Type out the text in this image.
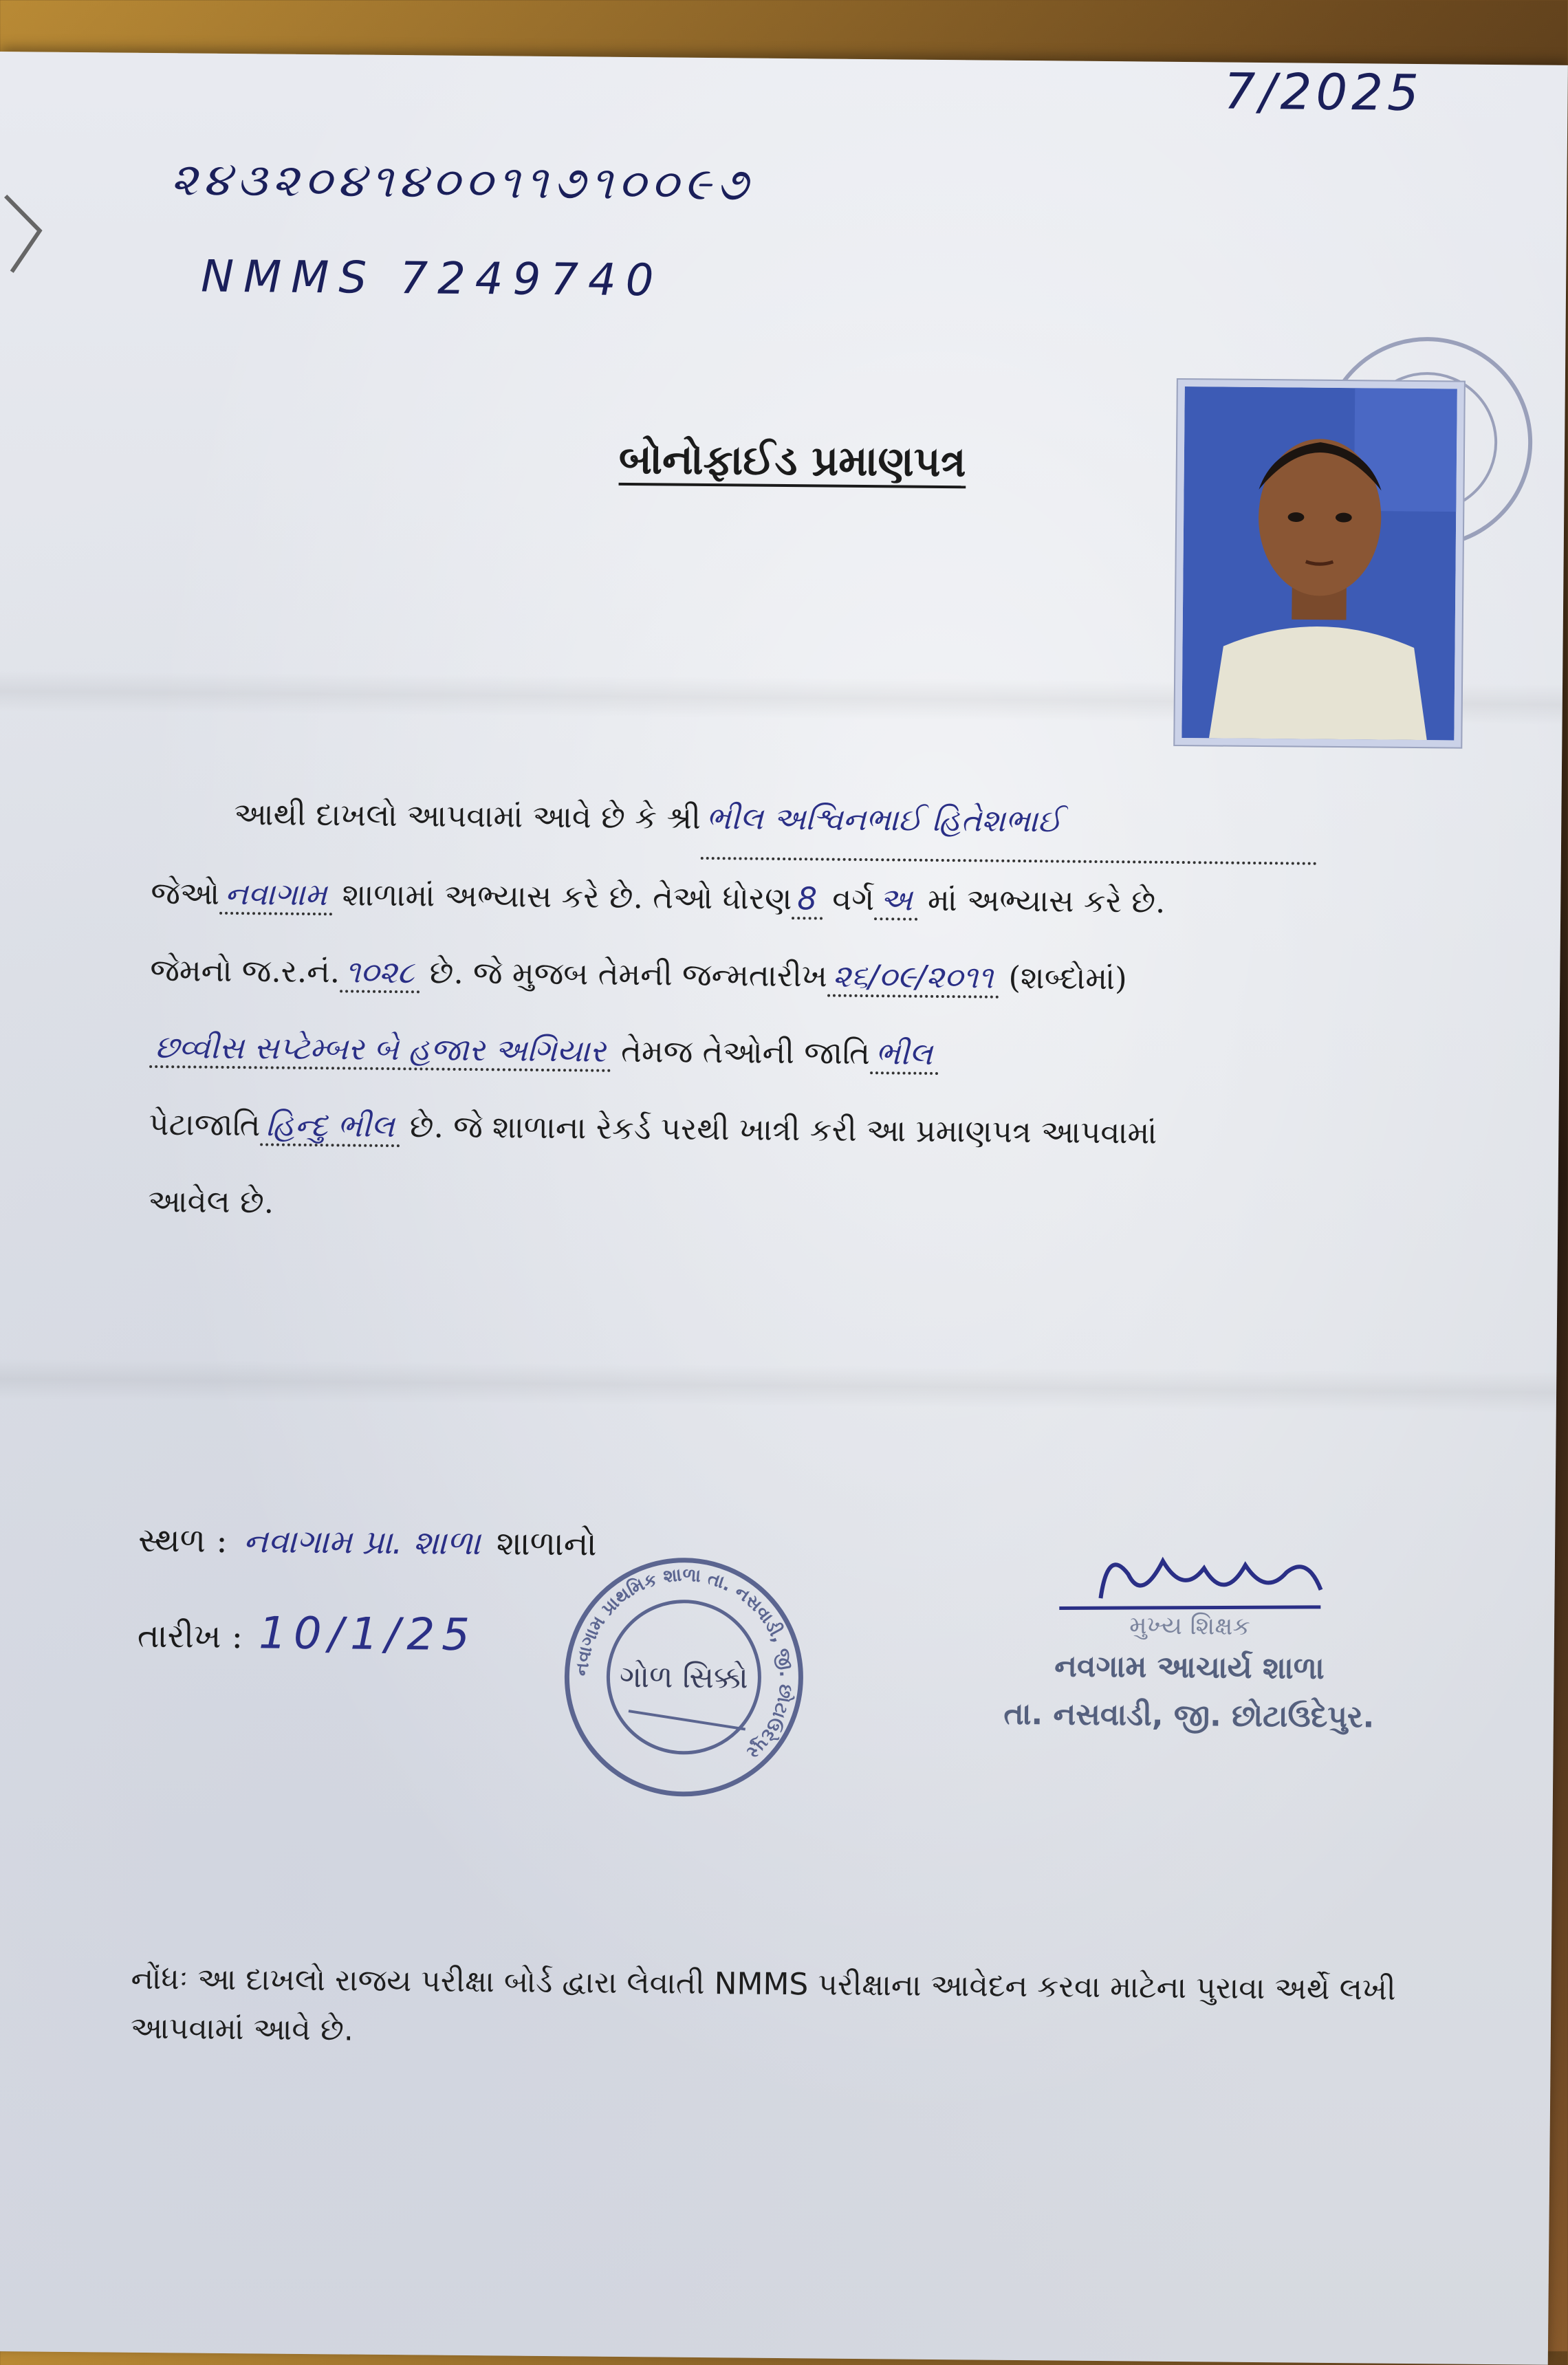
7/2025
૨૪૩૨૦૪૧૪૦૦૧૧૭૧૦૦૯૭
NMMS 7249740
બોનોફાઈડ પ્રમાણપત્ર
આથી દાખલો આપવામાં આવે છે કે શ્રી ભીલ અશ્વિનભાઈ હિતેશભાઈ
જેઓ નવાગામ શાળામાં અભ્યાસ કરે છે. તેઓ ધોરણ 8 વર્ગ અ માં અભ્યાસ કરે છે.
જેમનો જ.ર.નં. ૧૦૨૮ છે. જે મુજબ તેમની જન્મતારીખ ૨૬/૦૯/૨૦૧૧ (શબ્દોમાં)
છવ્વીસ સપ્ટેમ્બર બે હજાર અગિયાર તેમજ તેઓની જાતિ ભીલ
પેટાજાતિ હિન્દુ ભીલ છે. જે શાળાના રેકર્ડ પરથી ખાત્રી કરી આ પ્રમાણપત્ર આપવામાં
આવેલ છે.
સ્થળ : નવાગામ પ્રા. શાળા શાળાનો
તારીખ : 10/1/25
નવાગામ પ્રાથમિક શાળા તા. નસવાડી, જી. છોટાઉદેપુર
ગોળ સિક્કો
મુખ્ય શિક્ષક
નવગામ આચાર્ય શાળા
તા. નસવાડી, જી. છોટાઉદેપુર.
નોંધઃ આ દાખલો રાજય પરીક્ષા બોર્ડ દ્વારા લેવાતી NMMS પરીક્ષાના આવેદન કરવા માટેના પુરાવા અર્થે લખી આપવામાં આવે છે.
